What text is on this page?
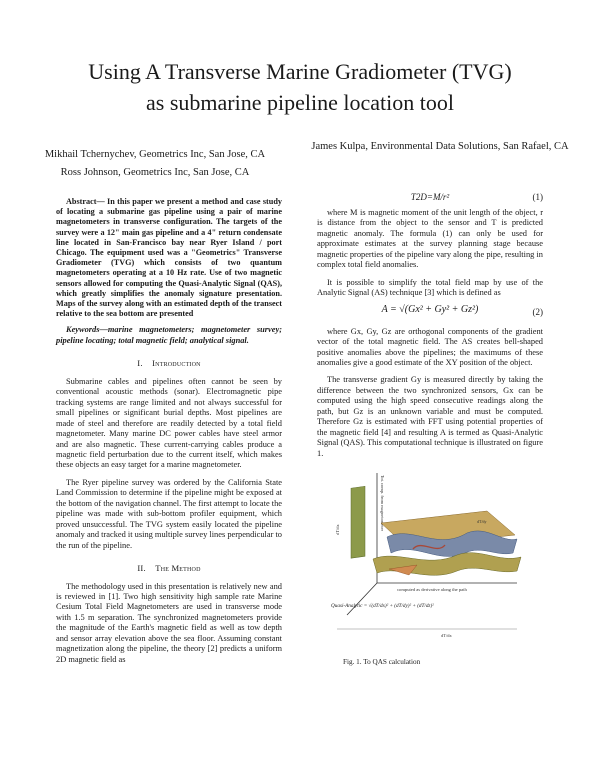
Using A Transverse Marine Gradiometer (TVG)
as submarine pipeline location tool
Mikhail Tchernychev, Geometrics Inc, San Jose, CA
James Kulpa, Environmental Data Solutions, San Rafael, CA
Ross Johnson, Geometrics Inc, San Jose, CA

Abstract— In this paper we present a method and case study of locating a submarine gas pipeline using a pair of marine magnetometers in transverse configuration. The targets of the survey were a 12" main gas pipeline and a 4" return condensate line located in San-Francisco bay near Ryer Island / port Chicago. The equipment used was a "Geometrics" Transverse Gradiometer (TVG) which consists of two quantum magnetometers operating at a 10 Hz rate. Use of two magnetic sensors allowed for computing the Quasi-Analytic Signal (QAS), which greatly simplifies the anomaly signature presentation. Maps of the survey along with an estimated depth of the transect relative to the sea bottom are presented

Keywords—marine magnetometers; magnetometer survey; pipeline locating; total magnetic field; analytical signal.

I. Introduction

Submarine cables and pipelines often cannot be seen by conventional acoustic methods (sonar). Electromagnetic pipe tracking systems are range limited and not always successful for small pipelines or significant burial depths. Most pipelines are made of steel and therefore are readily detected by a total field magnetometer. Many marine DC power cables have steel armor and are also magnetic. These current-carrying cables produce a magnetic field perturbation due to the current itself, which makes these objects an easy target for a marine magnetometer.

The Ryer pipeline survey was ordered by the California State Land Commission to determine if the pipeline might be exposed at the bottom of the navigation channel. The first attempt to locate the pipeline was made with sub-bottom profiler equipment, which proved unsuccessful. The TVG system easily located the pipeline anomaly and tracked it using multiple survey lines perpendicular to the run of the pipeline.

II. The Method

The methodology used in this presentation is relatively new and is reviewed in [1]. Two high sensitivity high sample rate Marine Cesium Total Field Magnetometers are used in transverse mode with 1.5 m separation. The synchronized magnetometers provide the magnitude of the Earth's magnetic field as well as tow depth and sensor array elevation above the sea floor. Assuming constant magnetization along the pipeline, the theory [2] predicts a uniform 2D magnetic field as

T2D=M/r²	(1)

where M is magnetic moment of the unit length of the object, r is distance from the object to the sensor and T is predicted magnetic anomaly. The formula (1) can only be used for approximate estimates at the survey planning stage because magnetic properties of the pipeline vary along the pipe, resulting in complex total field anomalies.

It is possible to simplify the total field map by use of the Analytic Signal (AS) technique [3] which is defined as

A = √(Gx² + Gy² + Gz²)	(2)

where Gx, Gy, Gz are orthogonal components of the gradient vector of the total magnetic field. The AS creates bell-shaped positive anomalies above the pipelines; the maximums of these anomalies give a good estimate of the XY position of the object.

The transverse gradient Gy is measured directly by taking the difference between the two synchronized sensors, Gx can be computed using the high speed consecutive readings along the path, but Gz is an unknown variable and must be computed. Therefore Gz is estimated with FFT using potential properties of the magnetic field [4] and resulting A is termed as Quasi-Analytic Signal (QAS). This computational technique is illustrated on figure 1.

Tot. comp. from magnetometer
dT/dz
dT/dy
computed as derivative along the path
Quasi-Analytic = √(dT/dx)² + (dT/dy)² + (dT/dz)²
dT/dx
Fig. 1. To QAS calculation
